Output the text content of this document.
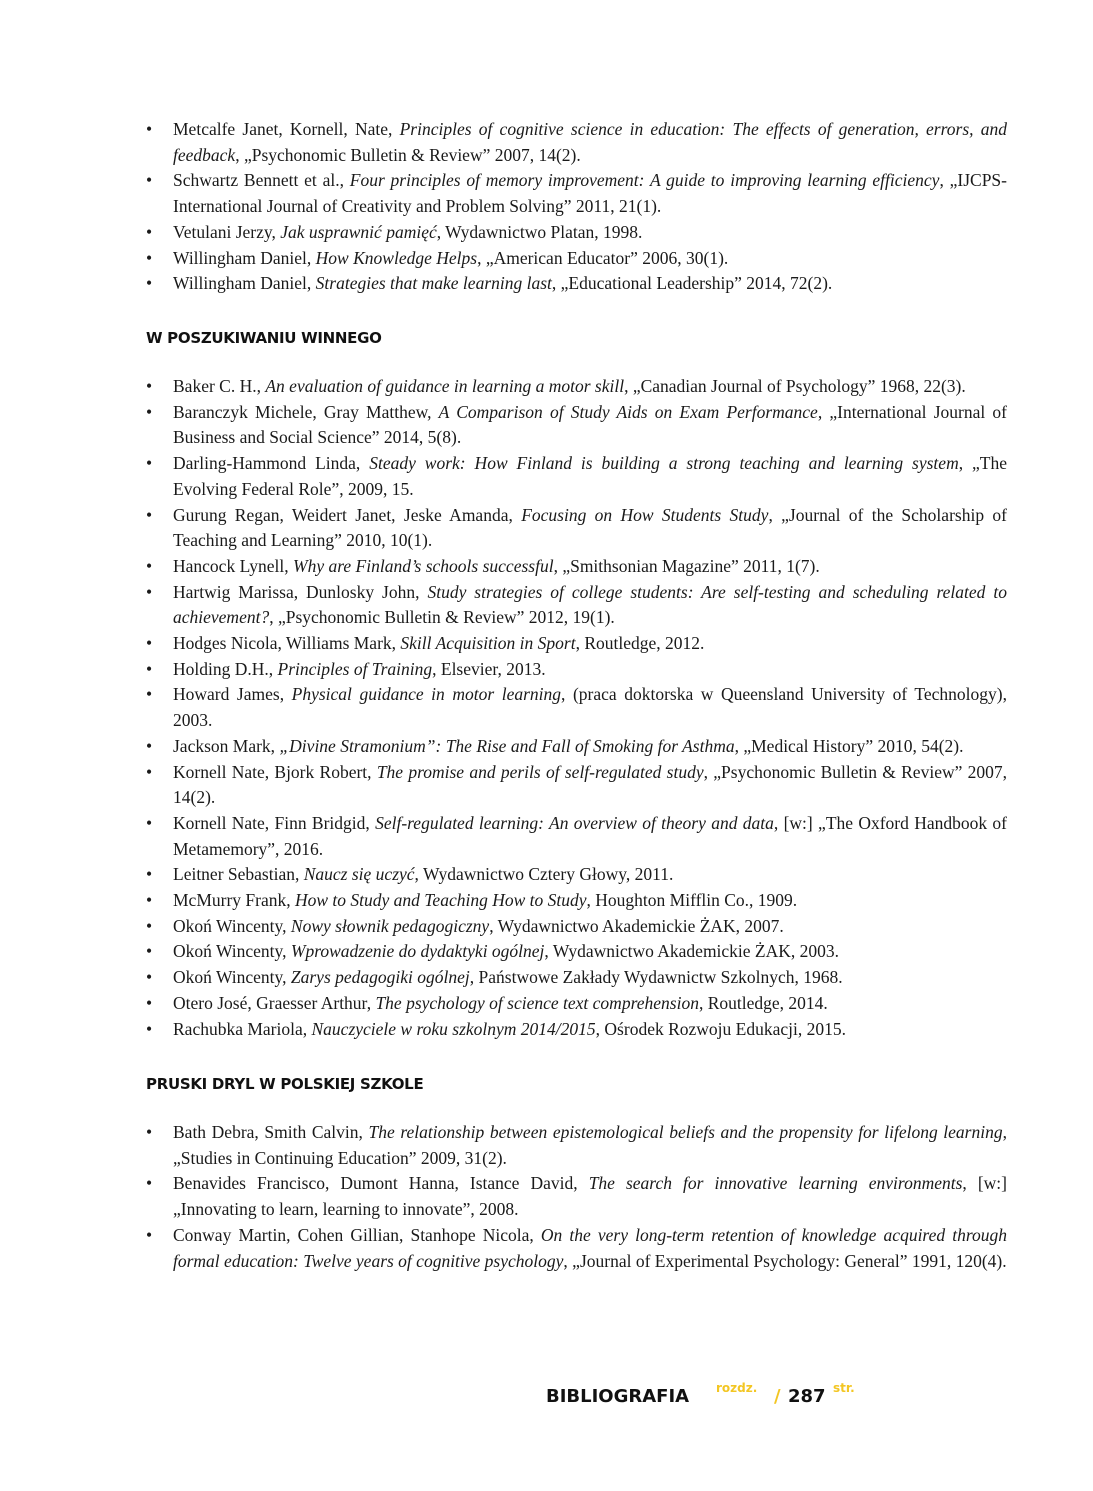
• Metcalfe Janet, Kornell, Nate, Principles of cognitive science in education: The effects of generation, errors, and feedback, „Psychonomic Bulletin & Review” 2007, 14(2).
• Schwartz Bennett et al., Four principles of memory improvement: A guide to improving learning efficiency, „IJCPS-International Journal of Creativity and Problem Solving” 2011, 21(1).
• Vetulani Jerzy, Jak usprawnić pamięć, Wydawnictwo Platan, 1998.
• Willingham Daniel, How Knowledge Helps, „American Educator” 2006, 30(1).
• Willingham Daniel, Strategies that make learning last, „Educational Leadership” 2014, 72(2).
W POSZUKIWANIU WINNEGO
• Baker C. H., An evaluation of guidance in learning a motor skill, „Canadian Journal of Psychology” 1968, 22(3).
• Baranczyk Michele, Gray Matthew, A Comparison of Study Aids on Exam Performance, „International Journal of Business and Social Science” 2014, 5(8).
• Darling-Hammond Linda, Steady work: How Finland is building a strong teaching and learning system, „The Evolving Federal Role”, 2009, 15.
• Gurung Regan, Weidert Janet, Jeske Amanda, Focusing on How Students Study, „Journal of the Scholarship of Teaching and Learning” 2010, 10(1).
• Hancock Lynell, Why are Finland’s schools successful, „Smithsonian Magazine” 2011, 1(7).
• Hartwig Marissa, Dunlosky John, Study strategies of college students: Are self-testing and scheduling related to achievement?, „Psychonomic Bulletin & Review” 2012, 19(1).
• Hodges Nicola, Williams Mark, Skill Acquisition in Sport, Routledge, 2012.
• Holding D.H., Principles of Training, Elsevier, 2013.
• Howard James, Physical guidance in motor learning, (praca doktorska w Queensland University of Technology), 2003.
• Jackson Mark, „Divine Stramonium”: The Rise and Fall of Smoking for Asthma, „Medical History” 2010, 54(2).
• Kornell Nate, Bjork Robert, The promise and perils of self-regulated study, „Psychonomic Bulletin & Review” 2007, 14(2).
• Kornell Nate, Finn Bridgid, Self-regulated learning: An overview of theory and data, [w:] „The Oxford Handbook of Metamemory”, 2016.
• Leitner Sebastian, Naucz się uczyć, Wydawnictwo Cztery Głowy, 2011.
• McMurry Frank, How to Study and Teaching How to Study, Houghton Mifflin Co., 1909.
• Okoń Wincenty, Nowy słownik pedagogiczny, Wydawnictwo Akademickie ŻAK, 2007.
• Okoń Wincenty, Wprowadzenie do dydaktyki ogólnej, Wydawnictwo Akademickie ŻAK, 2003.
• Okoń Wincenty, Zarys pedagogiki ogólnej, Państwowe Zakłady Wydawnictw Szkolnych, 1968.
• Otero José, Graesser Arthur, The psychology of science text comprehension, Routledge, 2014.
• Rachubka Mariola, Nauczyciele w roku szkolnym 2014/2015, Ośrodek Rozwoju Edukacji, 2015.
PRUSKI DRYL W POLSKIEJ SZKOLE
• Bath Debra, Smith Calvin, The relationship between epistemological beliefs and the propensity for lifelong learning, „Studies in Continuing Education” 2009, 31(2).
• Benavides Francisco, Dumont Hanna, Istance David, The search for innovative learning environments, [w:] „Innovating to learn, learning to innovate”, 2008.
• Conway Martin, Cohen Gillian, Stanhope Nicola, On the very long-term retention of knowledge acquired through formal education: Twelve years of cognitive psychology, „Journal of Experimental Psychology: General” 1991, 120(4).
BIBLIOGRAFIA rozdz. / 287 str.
